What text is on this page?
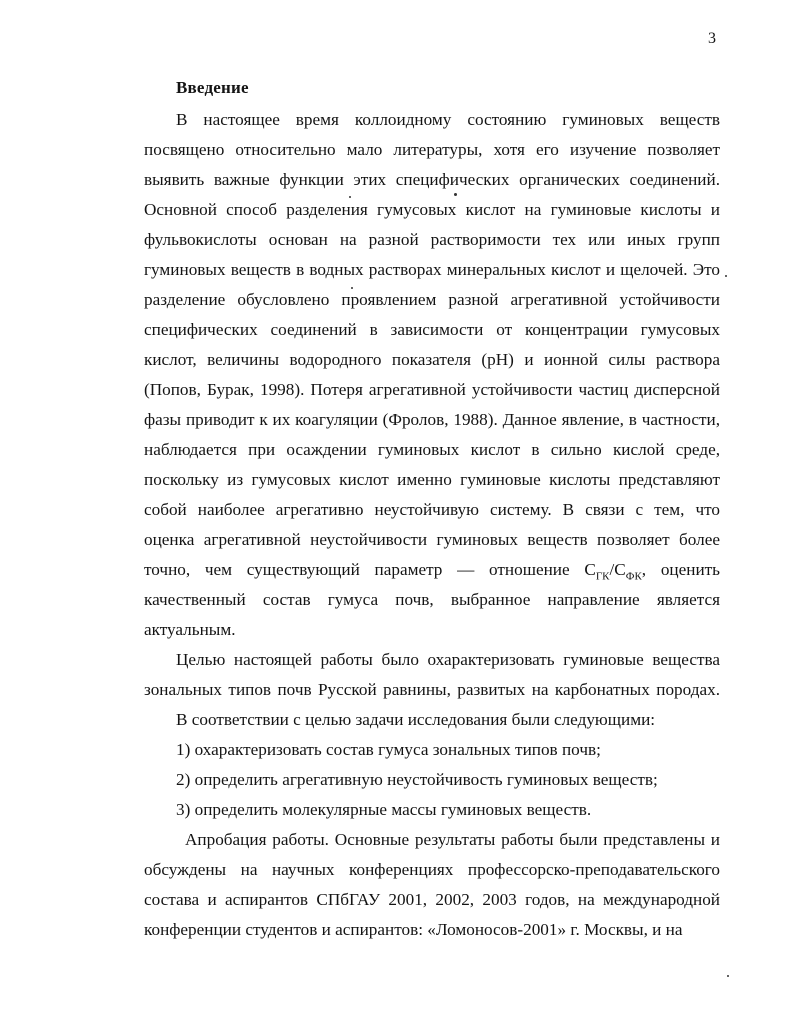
3
Введение
В настоящее время коллоидному состоянию гуминовых веществ
посвящено относительно мало литературы, хотя его изучение позволяет
выявить важные функции этих специфических органических соединений.
Основной способ разделения гумусовых кислот на гуминовые кислоты и
фульвокислоты основан на разной растворимости тех или иных групп
гуминовых веществ в водных растворах минеральных кислот и щелочей. Это
разделение обусловлено проявлением разной агрегативной устойчивости
специфических соединений в зависимости от концентрации гумусовых
кислот, величины водородного показателя (pH) и ионной силы раствора
(Попов, Бурак, 1998). Потеря агрегативной устойчивости частиц дисперсной
фазы приводит к их коагуляции (Фролов, 1988). Данное явление, в частности,
наблюдается при осаждении гуминовых кислот в сильно кислой среде,
поскольку из гумусовых кислот именно гуминовые кислоты представляют
собой наиболее агрегативно неустойчивую систему. В связи с тем, что
оценка агрегативной неустойчивости гуминовых веществ позволяет более
точно, чем существующий параметр — отношение $С_{ГК}/С_{ФК}$, оценить
качественный состав гумуса почв, выбранное направление является
актуальным.
Целью настоящей работы было охарактеризовать гуминовые вещества
зональных типов почв Русской равнины, развитых на карбонатных породах.
В соответствии с целью задачи исследования были следующими:
1) охарактеризовать состав гумуса зональных типов почв;
2) определить агрегативную неустойчивость гуминовых веществ;
3) определить молекулярные массы гуминовых веществ.
Апробация работы. Основные результаты работы были представлены и
обсуждены на научных конференциях профессорско-преподавательского
состава и аспирантов СПбГАУ 2001, 2002, 2003 годов, на международной
конференции студентов и аспирантов: «Ломоносов-2001» г. Москвы, и на
